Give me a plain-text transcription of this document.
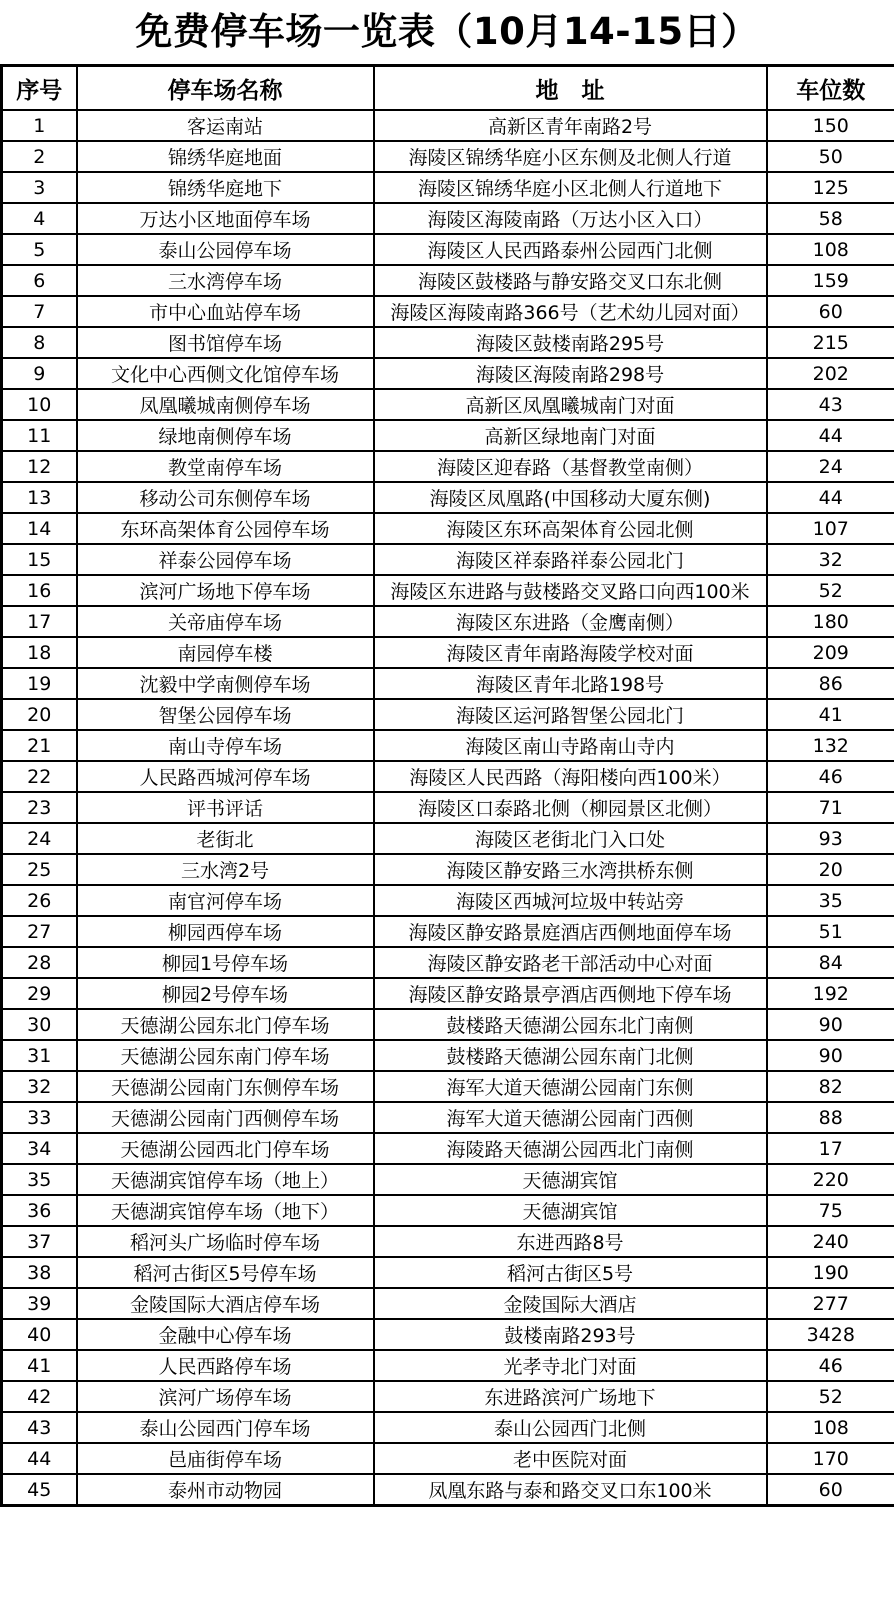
免费停车场一览表（10月14-15日）
序号	停车场名称	地　址	车位数
1	客运南站	高新区青年南路2号	150
2	锦绣华庭地面	海陵区锦绣华庭小区东侧及北侧人行道	50
3	锦绣华庭地下	海陵区锦绣华庭小区北侧人行道地下	125
4	万达小区地面停车场	海陵区海陵南路（万达小区入口）	58
5	泰山公园停车场	海陵区人民西路泰州公园西门北侧	108
6	三水湾停车场	海陵区鼓楼路与静安路交叉口东北侧	159
7	市中心血站停车场	海陵区海陵南路366号（艺术幼儿园对面）	60
8	图书馆停车场	海陵区鼓楼南路295号	215
9	文化中心西侧文化馆停车场	海陵区海陵南路298号	202
10	凤凰曦城南侧停车场	高新区凤凰曦城南门对面	43
11	绿地南侧停车场	高新区绿地南门对面	44
12	教堂南停车场	海陵区迎春路（基督教堂南侧）	24
13	移动公司东侧停车场	海陵区凤凰路(中国移动大厦东侧)	44
14	东环高架体育公园停车场	海陵区东环高架体育公园北侧	107
15	祥泰公园停车场	海陵区祥泰路祥泰公园北门	32
16	滨河广场地下停车场	海陵区东进路与鼓楼路交叉路口向西100米	52
17	关帝庙停车场	海陵区东进路（金鹰南侧）	180
18	南园停车楼	海陵区青年南路海陵学校对面	209
19	沈毅中学南侧停车场	海陵区青年北路198号	86
20	智堡公园停车场	海陵区运河路智堡公园北门	41
21	南山寺停车场	海陵区南山寺路南山寺内	132
22	人民路西城河停车场	海陵区人民西路（海阳楼向西100米）	46
23	评书评话	海陵区口泰路北侧（柳园景区北侧）	71
24	老街北	海陵区老街北门入口处	93
25	三水湾2号	海陵区静安路三水湾拱桥东侧	20
26	南官河停车场	海陵区西城河垃圾中转站旁	35
27	柳园西停车场	海陵区静安路景庭酒店西侧地面停车场	51
28	柳园1号停车场	海陵区静安路老干部活动中心对面	84
29	柳园2号停车场	海陵区静安路景亭酒店西侧地下停车场	192
30	天德湖公园东北门停车场	鼓楼路天德湖公园东北门南侧	90
31	天德湖公园东南门停车场	鼓楼路天德湖公园东南门北侧	90
32	天德湖公园南门东侧停车场	海军大道天德湖公园南门东侧	82
33	天德湖公园南门西侧停车场	海军大道天德湖公园南门西侧	88
34	天德湖公园西北门停车场	海陵路天德湖公园西北门南侧	17
35	天德湖宾馆停车场（地上）	天德湖宾馆	220
36	天德湖宾馆停车场（地下）	天德湖宾馆	75
37	稻河头广场临时停车场	东进西路8号	240
38	稻河古街区5号停车场	稻河古街区5号	190
39	金陵国际大酒店停车场	金陵国际大酒店	277
40	金融中心停车场	鼓楼南路293号	3428
41	人民西路停车场	光孝寺北门对面	46
42	滨河广场停车场	东进路滨河广场地下	52
43	泰山公园西门停车场	泰山公园西门北侧	108
44	邑庙街停车场	老中医院对面	170
45	泰州市动物园	凤凰东路与泰和路交叉口东100米	60
